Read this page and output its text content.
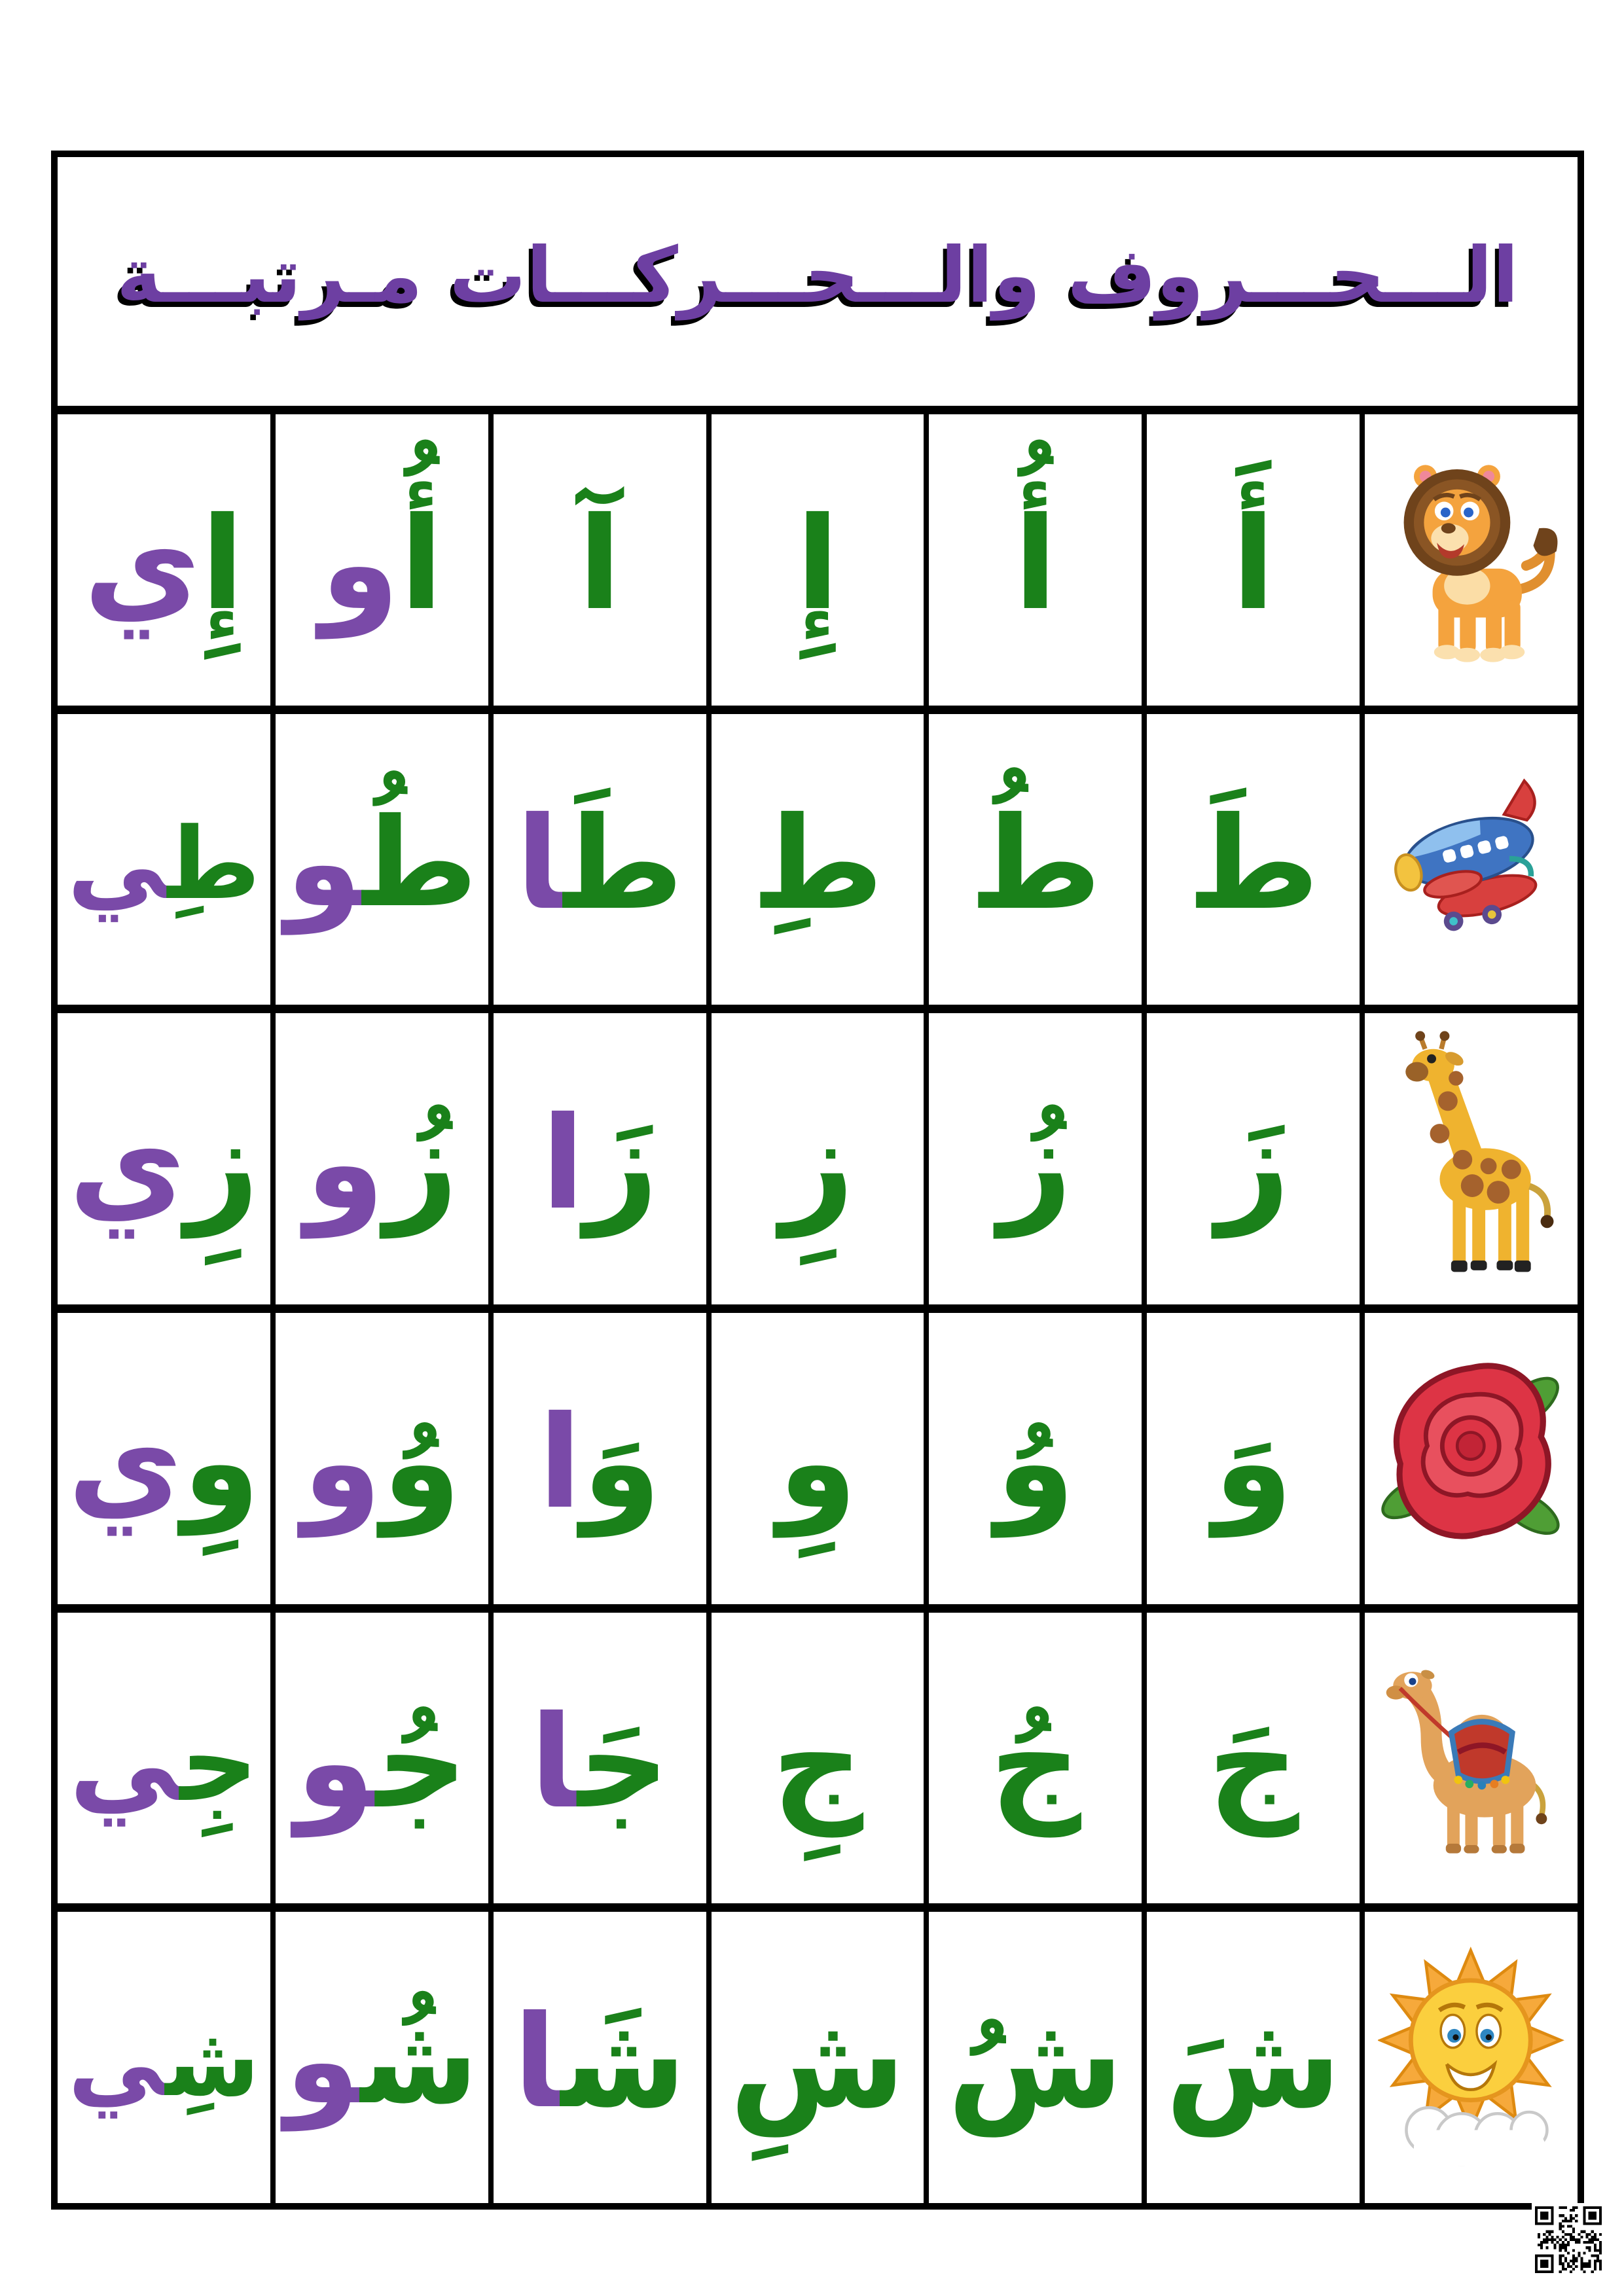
الـــحـــروف والـــحـــركـــات مـرتبـــة
أ
أ
إ
آ
أو
إي
ط
ط
ط
طا
طو
طي
ز
ز
ز
زا
زو
زي
و
و
و
وا
وو
وي
ج
ج
ج
جا
جو
جي
ش
ش
ش
شا
شو
شي
